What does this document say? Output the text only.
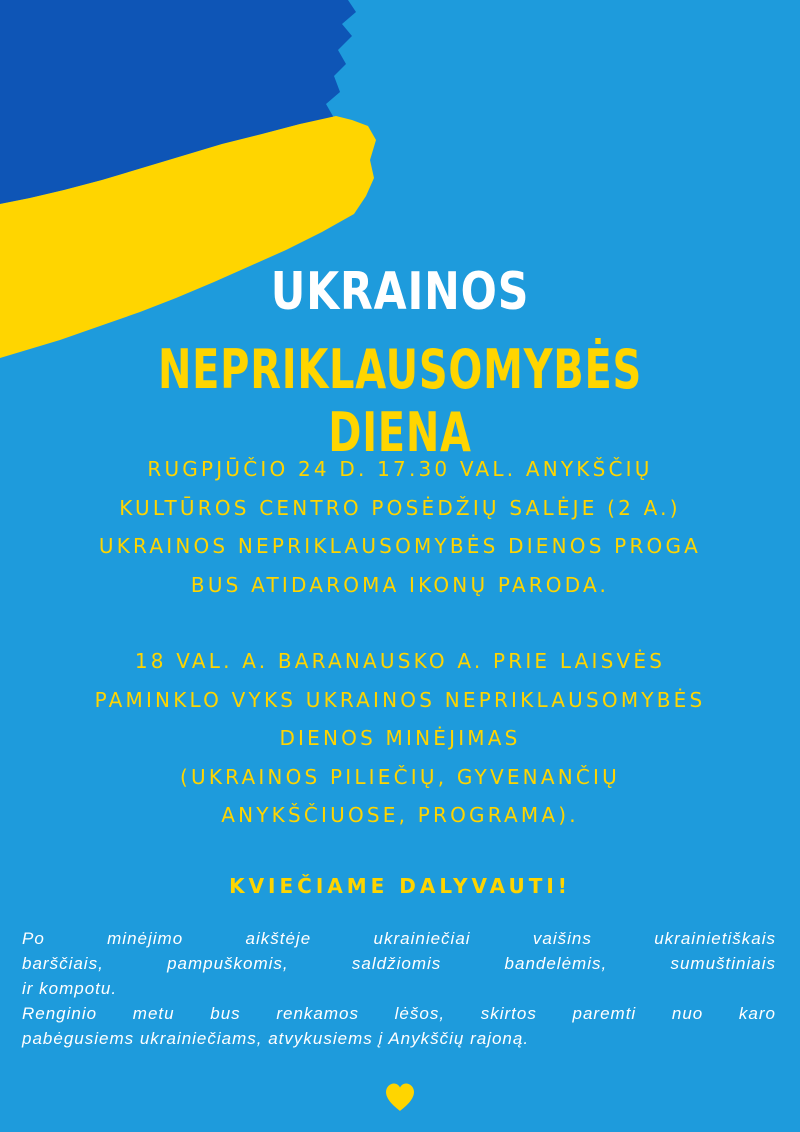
UKRAINOS
NEPRIKLAUSOMYBĖS DIENA
RUGPJŪČIO 24 D. 17.30 VAL. ANYKŠČIŲ
KULTŪROS CENTRO POSĖDŽIŲ SALĖJE (2 A.)
UKRAINOS NEPRIKLAUSOMYBĖS DIENOS PROGA
BUS ATIDAROMA IKONŲ PARODA.
18 VAL. A. BARANAUSKO A. PRIE LAISVĖS
PAMINKLO VYKS UKRAINOS NEPRIKLAUSOMYBĖS
DIENOS MINĖJIMAS
(UKRAINOS PILIEČIŲ, GYVENANČIŲ
ANYKŠČIUOSE, PROGRAMA).
KVIEČIAME DALYVAUTI!
Po minėjimo aikštėje ukrainiečiai vaišins ukrainietiškais
barščiais, pampuškomis, saldžiomis bandelėmis, sumuštiniais
ir kompotu.
Renginio metu bus renkamos lėšos, skirtos paremti nuo karo
pabėgusiems ukrainiečiams, atvykusiems į Anykščių rajoną.
